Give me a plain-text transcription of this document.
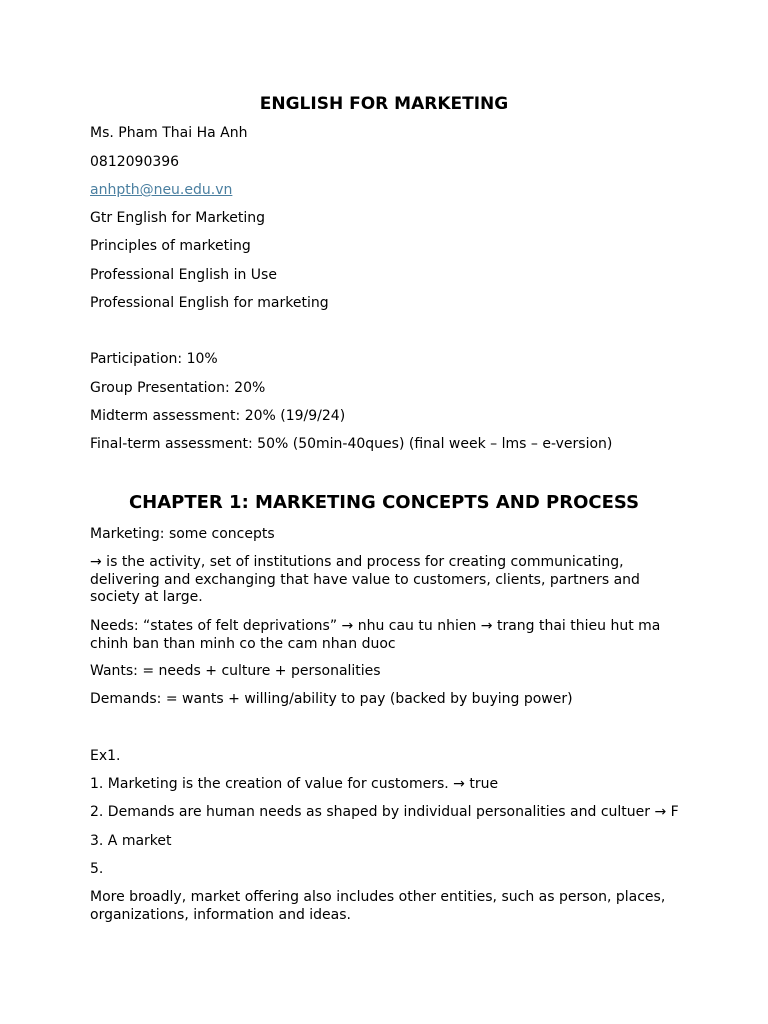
ENGLISH FOR MARKETING

Ms. Pham Thai Ha Anh

0812090396

anhpth@neu.edu.vn

Gtr English for Marketing

Principles of marketing

Professional English in Use

Professional English for marketing

Participation: 10%

Group Presentation: 20%

Midterm assessment: 20% (19/9/24)

Final-term assessment: 50% (50min-40ques) (final week – lms – e-version)

CHAPTER 1: MARKETING CONCEPTS AND PROCESS

Marketing: some concepts

→ is the activity, set of institutions and process for creating communicating, delivering and exchanging that have value to customers, clients, partners and society at large.

Needs: “states of felt deprivations” → nhu cau tu nhien → trang thai thieu hut ma chinh ban than minh co the cam nhan duoc

Wants: = needs + culture + personalities

Demands: = wants + willing/ability to pay (backed by buying power)

Ex1.

1. Marketing is the creation of value for customers. → true

2. Demands are human needs as shaped by individual personalities and cultuer → F

3. A market

5.

More broadly, market offering also includes other entities, such as person, places, organizations, information and ideas.
